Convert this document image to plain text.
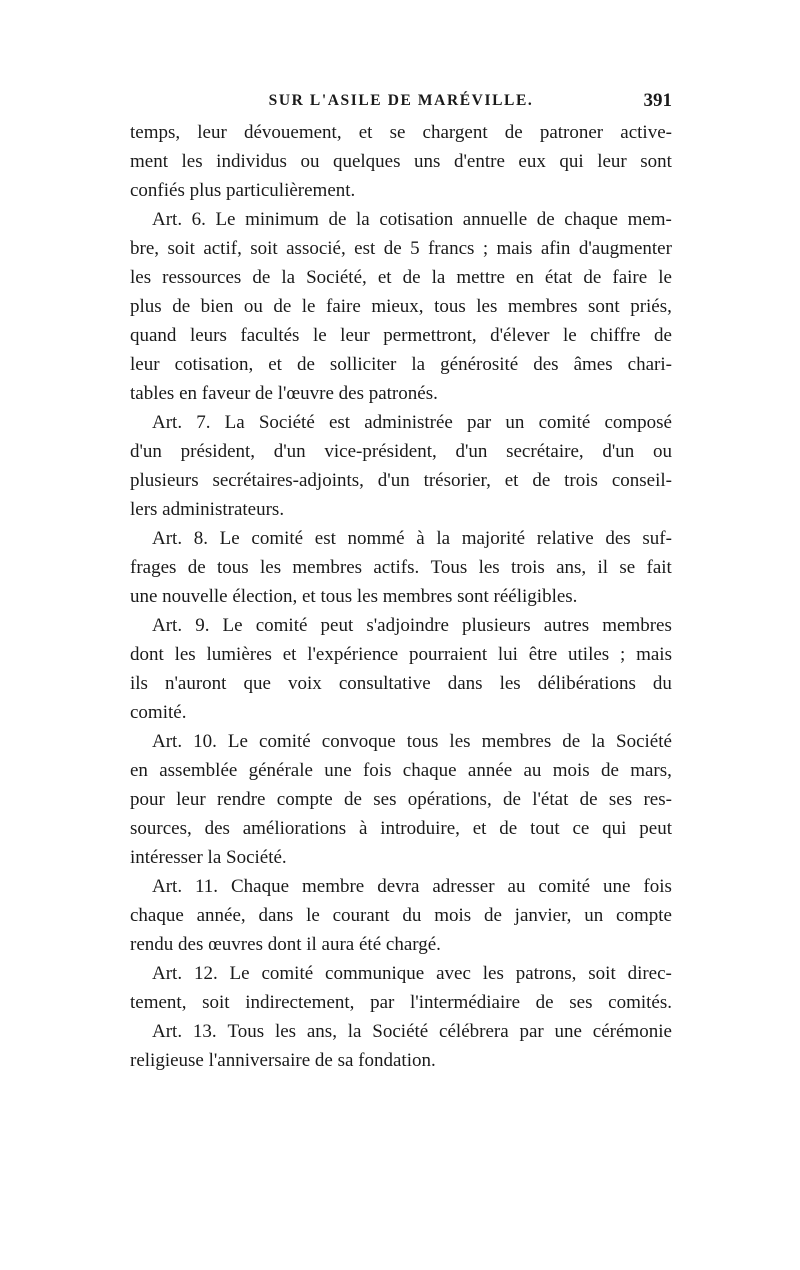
SUR L'ASILE DE MARÉVILLE.	391
temps, leur dévouement, et se chargent de patroner active-
ment les individus ou quelques uns d'entre eux qui leur sont
confiés plus particulièrement.
Art. 6. Le minimum de la cotisation annuelle de chaque mem-
bre, soit actif, soit associé, est de 5 francs ; mais afin d'augmenter
les ressources de la Société, et de la mettre en état de faire le
plus de bien ou de le faire mieux, tous les membres sont priés,
quand leurs facultés le leur permettront, d'élever le chiffre de
leur cotisation, et de solliciter la générosité des âmes chari-
tables en faveur de l'œuvre des patronés.
Art. 7. La Société est administrée par un comité composé
d'un président, d'un vice-président, d'un secrétaire, d'un ou
plusieurs secrétaires-adjoints, d'un trésorier, et de trois conseil-
lers administrateurs.
Art. 8. Le comité est nommé à la majorité relative des suf-
frages de tous les membres actifs. Tous les trois ans, il se fait
une nouvelle élection, et tous les membres sont rééligibles.
Art. 9. Le comité peut s'adjoindre plusieurs autres membres
dont les lumières et l'expérience pourraient lui être utiles ; mais
ils n'auront que voix consultative dans les délibérations du
comité.
Art. 10. Le comité convoque tous les membres de la Société
en assemblée générale une fois chaque année au mois de mars,
pour leur rendre compte de ses opérations, de l'état de ses res-
sources, des améliorations à introduire, et de tout ce qui peut
intéresser la Société.
Art. 11. Chaque membre devra adresser au comité une fois
chaque année, dans le courant du mois de janvier, un compte
rendu des œuvres dont il aura été chargé.
Art. 12. Le comité communique avec les patrons, soit direc-
tement, soit indirectement, par l'intermédiaire de ses comités.
Art. 13. Tous les ans, la Société célébrera par une cérémonie
religieuse l'anniversaire de sa fondation.
